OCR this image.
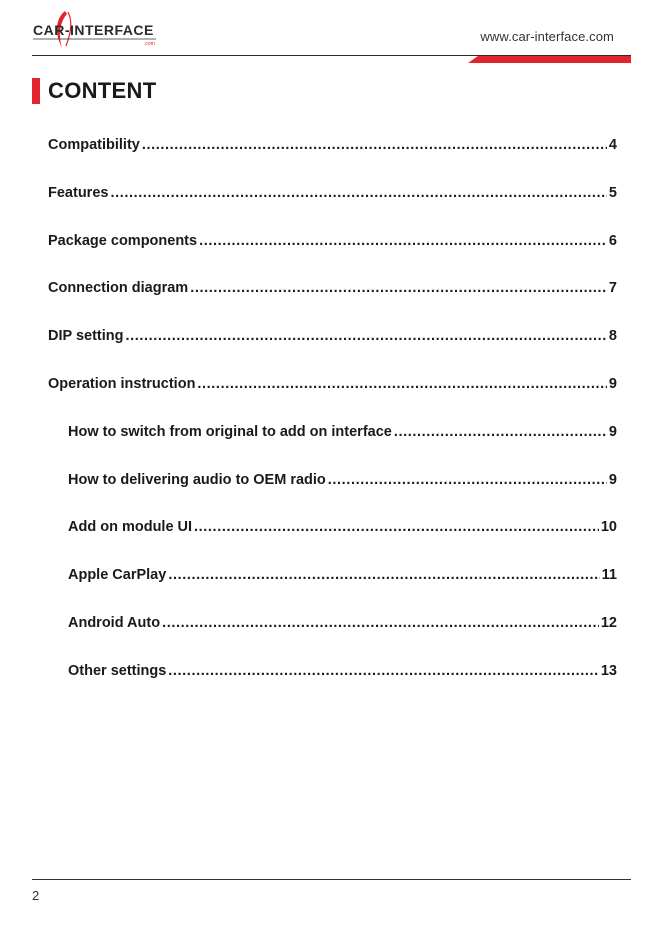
CAR-INTERFACE
.com	www.car-interface.com
CONTENT
Compatibility .....	4
Features .....	5
Package components .....	6
Connection diagram .....	7
DIP setting .....	8
Operation instruction .....	9
How to switch from original to add on interface .....	9
How to delivering audio to OEM radio .....	9
Add on module UI .....	10
Apple CarPlay .....	11
Android Auto .....	12
Other settings .....	13
2
